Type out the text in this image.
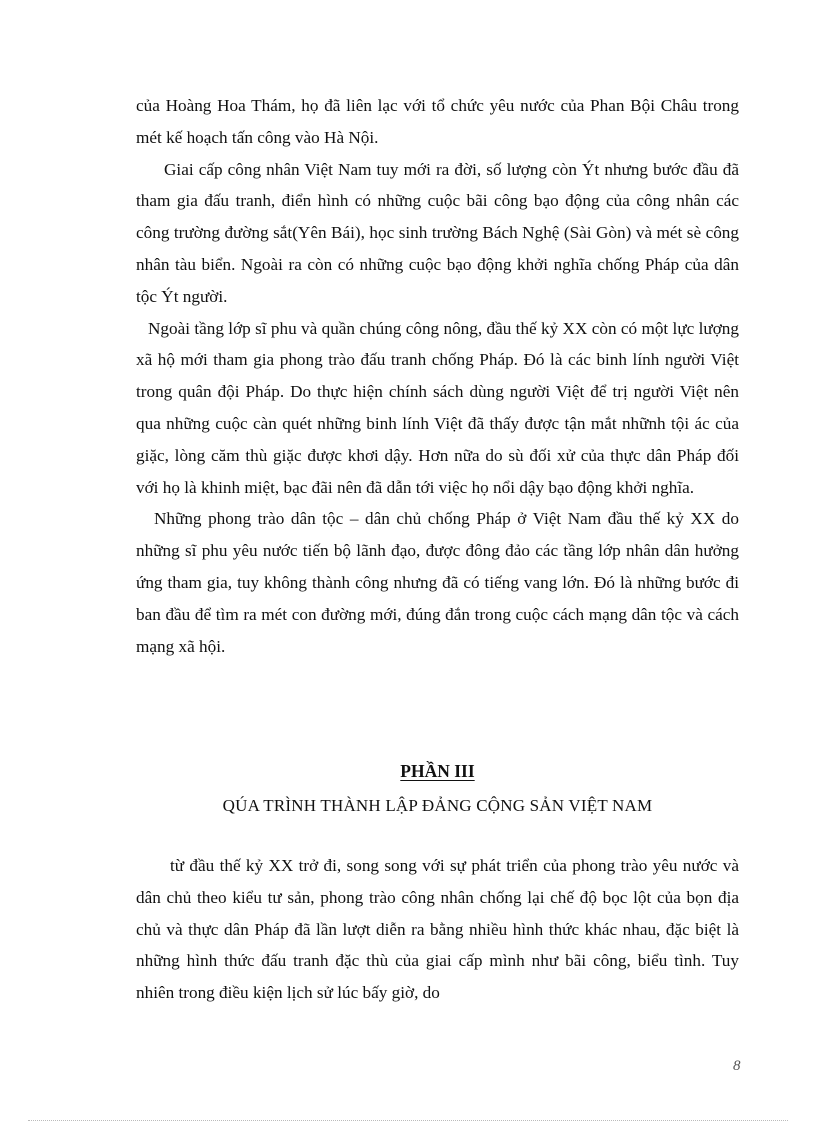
của Hoàng Hoa Thám, họ đã liên lạc với tổ chức yêu nước của Phan Bội Châu trong mét kế hoạch tấn công vào Hà Nội.

Giai cấp công nhân Việt Nam tuy mới ra đời, số lượng còn Ýt nhưng bước đầu đã tham gia đấu tranh, điển hình có những cuộc bãi công bạo động của công nhân các công trường đường sắt(Yên Bái), học sinh trường Bách Nghệ (Sài Gòn) và mét sè công nhân tàu biển. Ngoài ra còn có những cuộc bạo động khởi nghĩa chống Pháp của dân tộc Ýt người.

Ngoài tầng lớp sĩ phu và quần chúng công nông, đầu thế kỷ XX còn có một lực lượng xã hộ mới tham gia phong trào đấu tranh chống Pháp. Đó là các binh lính người Việt trong quân đội Pháp. Do thực hiện chính sách dùng người Việt để trị người Việt nên qua những cuộc càn quét những binh lính Việt đã thấy được tận mắt nhữnh tội ác của giặc, lòng căm thù giặc được khơi dậy. Hơn nữa do sù đối xử của thực dân Pháp đối với họ là khinh miệt, bạc đãi nên đã dẫn tới việc họ nổi dậy bạo động khởi nghĩa.

Những phong trào dân tộc – dân chủ chống Pháp ở Việt Nam đầu thế kỷ XX do những sĩ phu yêu nước tiến bộ lãnh đạo, được đông đảo các tầng lớp nhân dân hưởng ứng tham gia, tuy không thành công nhưng đã có tiếng vang lớn. Đó là những bước đi ban đầu để tìm ra mét con đường mới, đúng đắn trong cuộc cách mạng dân tộc và cách mạng xã hội.

PHẦN III
QÚA TRÌNH THÀNH LẬP ĐẢNG CỘNG SẢN VIỆT NAM

từ đầu thế kỷ XX trở đi, song song với sự phát triển của phong trào yêu nước và dân chủ theo kiểu tư sản, phong trào công nhân chống lại chế độ bọc lột của bọn địa chủ và thực dân Pháp đã lần lượt diễn ra bằng nhiều hình thức khác nhau, đặc biệt là những hình thức đấu tranh đặc thù của giai cấp mình như bãi công, biểu tình. Tuy nhiên trong điều kiện lịch sử lúc bấy giờ, do

8
